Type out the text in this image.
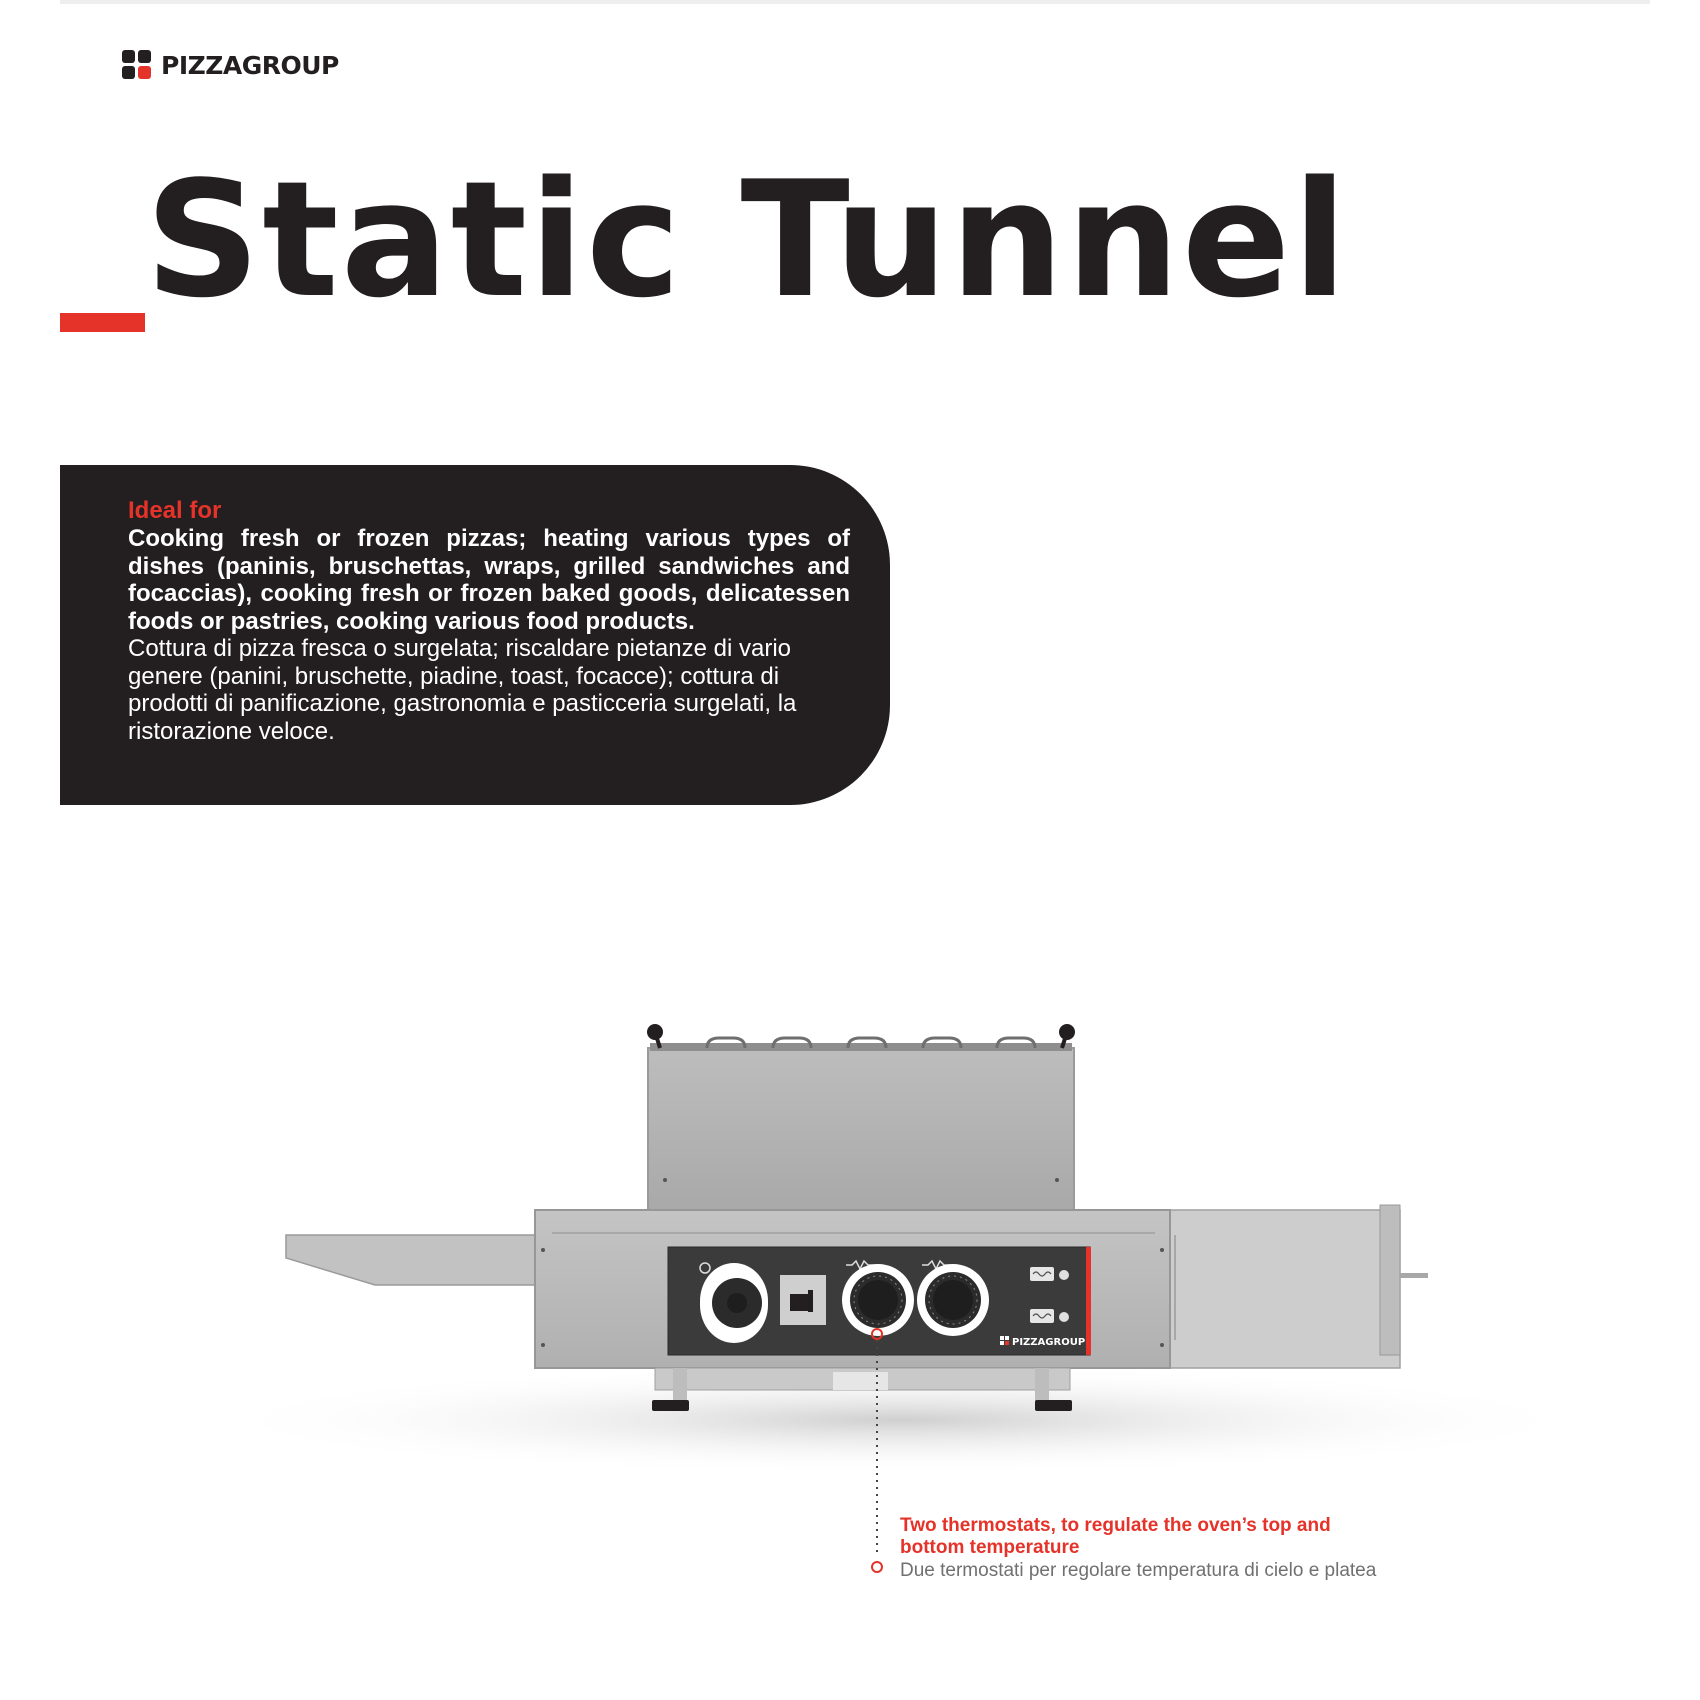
PIZZAGROUP
Static Tunnel
Ideal for
Cooking fresh or frozen pizzas; heating various types of dishes (paninis, bruschettas, wraps, grilled sandwiches and focaccias), cooking fresh or frozen baked goods, delicatessen foods or pastries, cooking various food products.
Cottura di pizza fresca o surgelata; riscaldare pietanze di vario genere (panini, bruschette, piadine, toast, focacce); cottura di prodotti di panificazione, gastronomia e pasticceria surgelati, la ristorazione veloce.
PIZZAGROUP
Two thermostats, to regulate the oven’s top and bottom temperature
Due termostati per regolare temperatura di cielo e platea
